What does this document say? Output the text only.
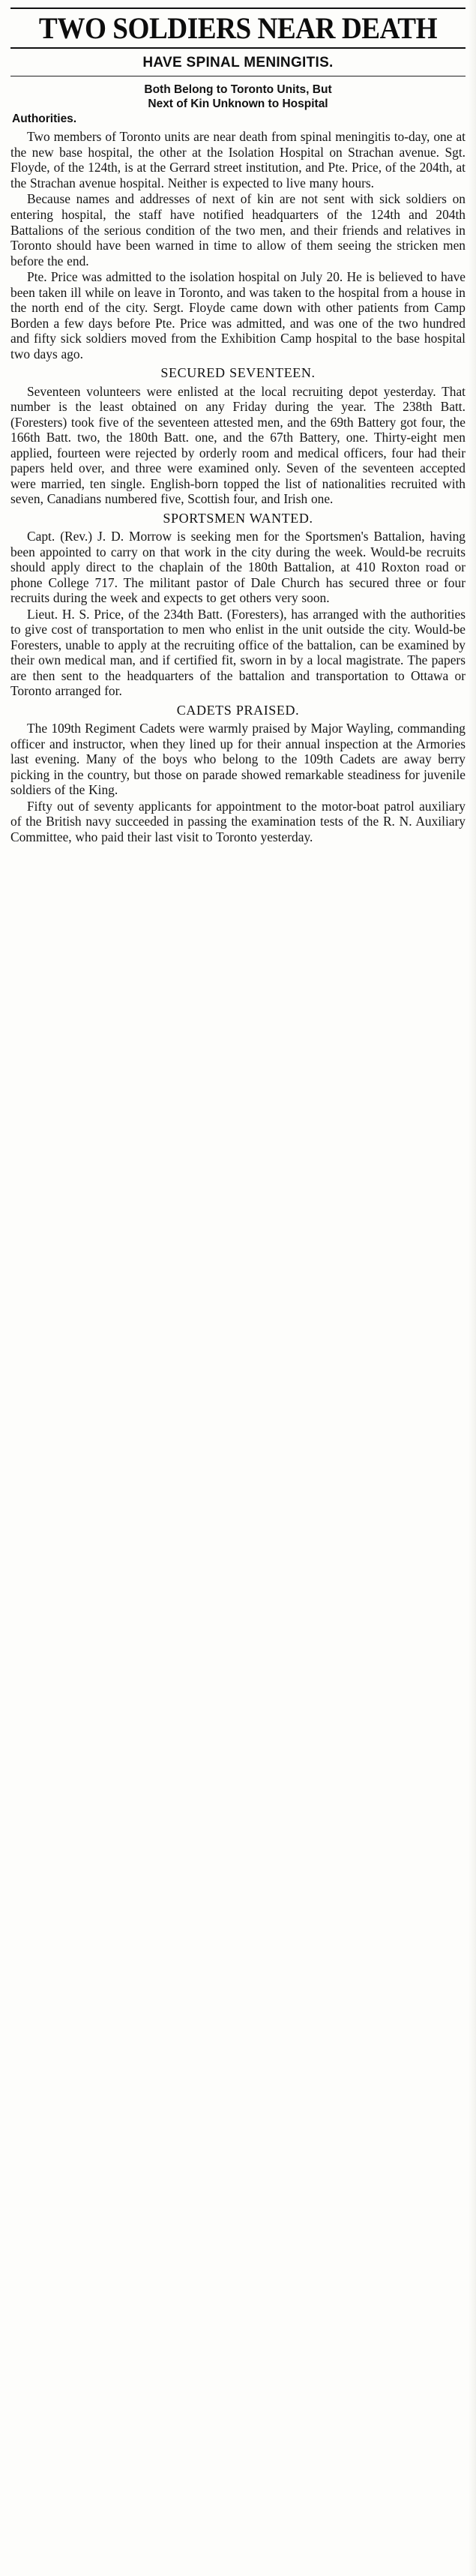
TWO SOLDIERS NEAR DEATH
HAVE SPINAL MENINGITIS.
Both Belong to Toronto Units, But
Next of Kin Unknown to Hospital

Authorities.

Two members of Toronto units are near death from spinal meningitis to-day, one at the new base hospital, the other at the Isolation Hospital on Strachan avenue. Sgt. Floyde, of the 124th, is at the Gerrard street institution, and Pte. Price, of the 204th, at the Strachan avenue hospital. Neither is expected to live many hours.

Because names and addresses of next of kin are not sent with sick soldiers on entering hospital, the staff have notified headquarters of the 124th and 204th Battalions of the serious condition of the two men, and their friends and relatives in Toronto should have been warned in time to allow of them seeing the stricken men before the end.

Pte. Price was admitted to the isolation hospital on July 20. He is believed to have been taken ill while on leave in Toronto, and was taken to the hospital from a house in the north end of the city. Sergt. Floyde came down with other patients from Camp Borden a few days before Pte. Price was admitted, and was one of the two hundred and fifty sick soldiers moved from the Exhibition Camp hospital to the base hospital two days ago.

SECURED SEVENTEEN.

Seventeen volunteers were enlisted at the local recruiting depot yesterday. That number is the least obtained on any Friday during the year. The 238th Batt. (Foresters) took five of the seventeen attested men, and the 69th Battery got four, the 166th Batt. two, the 180th Batt. one, and the 67th Battery, one. Thirty-eight men applied, fourteen were rejected by orderly room and medical officers, four had their papers held over, and three were examined only. Seven of the seventeen accepted were married, ten single. English-born topped the list of nationalities recruited with seven, Canadians numbered five, Scottish four, and Irish one.

SPORTSMEN WANTED.

Capt. (Rev.) J. D. Morrow is seeking men for the Sportsmen's Battalion, having been appointed to carry on that work in the city during the week. Would-be recruits should apply direct to the chaplain of the 180th Battalion, at 410 Roxton road or phone College 717. The militant pastor of Dale Church has secured three or four recruits during the week and expects to get others very soon.

Lieut. H. S. Price, of the 234th Batt. (Foresters), has arranged with the authorities to give cost of transportation to men who enlist in the unit outside the city. Would-be Foresters, unable to apply at the recruiting office of the battalion, can be examined by their own medical man, and if certified fit, sworn in by a local magistrate. The papers are then sent to the headquarters of the battalion and transportation to Ottawa or Toronto arranged for.

CADETS PRAISED.

The 109th Regiment Cadets were warmly praised by Major Wayling, commanding officer and instructor, when they lined up for their annual inspection at the Armories last evening. Many of the boys who belong to the 109th Cadets are away berry picking in the country, but those on parade showed remarkable steadiness for juvenile soldiers of the King.

Fifty out of seventy applicants for appointment to the motor-boat patrol auxiliary of the British navy succeeded in passing the examination tests of the R. N. Auxiliary Committee, who paid their last visit to Toronto yesterday.
